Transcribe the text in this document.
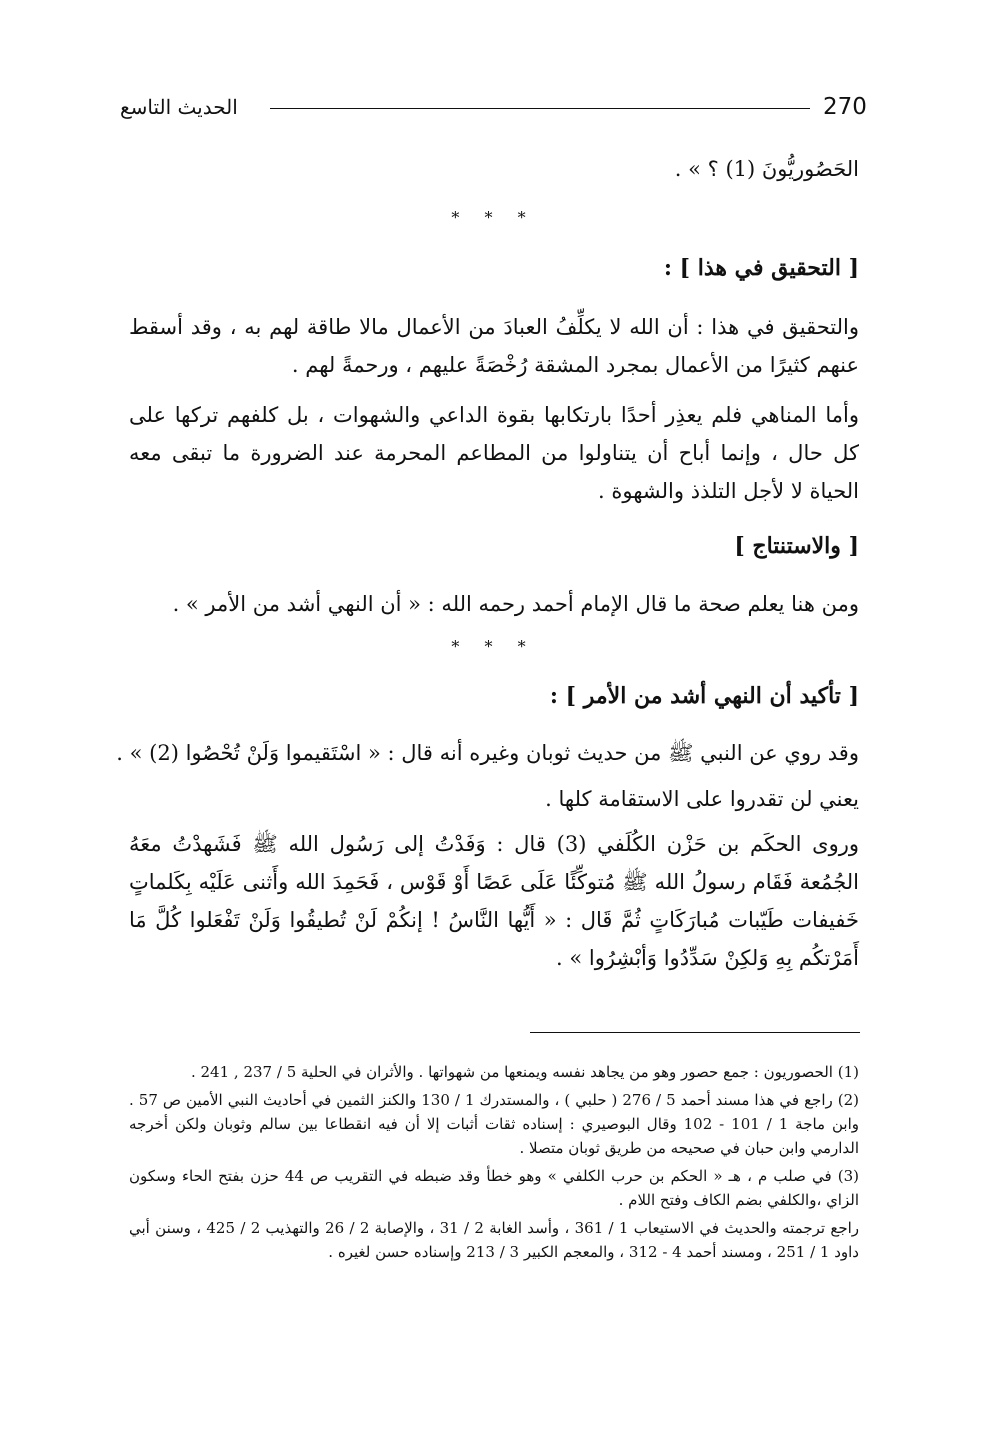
الحديث التاسع	270
الحَصُوريُّونَ (1) ؟ » .
* * *
[ التحقيق في هذا ] :
والتحقيق في هذا : أن الله لا يكلِّفُ العبادَ من الأعمال مالا طاقة لهم به ، وقد أسقط عنهم كثيرًا من الأعمال بمجرد المشقة رُخْصَةً عليهم ، ورحمةً لهم .
وأما المناهي فلم يعذِر أحدًا بارتكابها بقوة الداعي والشهوات ، بل كلفهم تركها على كل حال ، وإنما أباح أن يتناولوا من المطاعم المحرمة عند الضرورة ما تبقى معه الحياة لا لأجل التلذذ والشهوة .
[ والاستنتاج ]
ومن هنا يعلم صحة ما قال الإمام أحمد رحمه الله : « أن النهي أشد من الأمر » .
* * *
[ تأكيد أن النهي أشد من الأمر ] :
وقد روي عن النبي ﷺ من حديث ثوبان وغيره أنه قال : « اسْتَقيموا وَلَنْ تُحْصُوا (2) » .
يعني لن تقدروا على الاستقامة كلها .
وروى الحكَم بن حَزْن الكُلَفي (3) قال : وَفَدْتُ إلى رَسُول الله ﷺ فَشَهدْتُ معَهُ الجُمُعة فَقَام رسولُ الله ﷺ مُتوكِّئًا عَلَى عَصًا أَوْ قَوْس ، فَحَمِدَ الله وأَثنى عَلَيْه بِكَلماتٍ خَفيفات طَيّبات مُبارَكَاتٍ ثُمَّ قَال : « أَيُّها النَّاسُ ! إنكُمْ لَنْ تُطيقُوا وَلَنْ تَفْعَلوا كُلَّ مَا أَمَرْتكُم بِهِ وَلكِنْ سَدِّدُوا وَأبْشِرُوا » .

(1) الحصوريون : جمع حصور وهو من يجاهد نفسه ويمنعها من شهواتها . والأثران في الحلية 5 / 237 , 241 .

(2) راجع في هذا مسند أحمد 5 / 276 ( حلبي ) ، والمستدرك 1 / 130 والكنز الثمين في أحاديث النبي الأمين ص 57 . وابن ماجة 1 / 101 - 102 وقال البوصيري : إسناده ثقات أثبات إلا أن فيه انقطاعا بين سالم وثوبان ولكن أخرجه الدارمي وابن حبان في صحيحه من طريق ثوبان متصلا .

(3) في صلب م ، هـ « الحكم بن حرب الكلفي » وهو خطأ وقد ضبطه في التقريب ص 44 حزن بفتح الحاء وسكون الزاي ،والكلفي بضم الكاف وفتح اللام .

راجع ترجمته والحديث في الاستيعاب 1 / 361 ، وأسد الغابة 2 / 31 ، والإصابة 2 / 26 والتهذيب 2 / 425 ، وسنن أبي داود 1 / 251 ، ومسند أحمد 4 - 312 ، والمعجم الكبير 3 / 213 وإسناده حسن لغيره .
